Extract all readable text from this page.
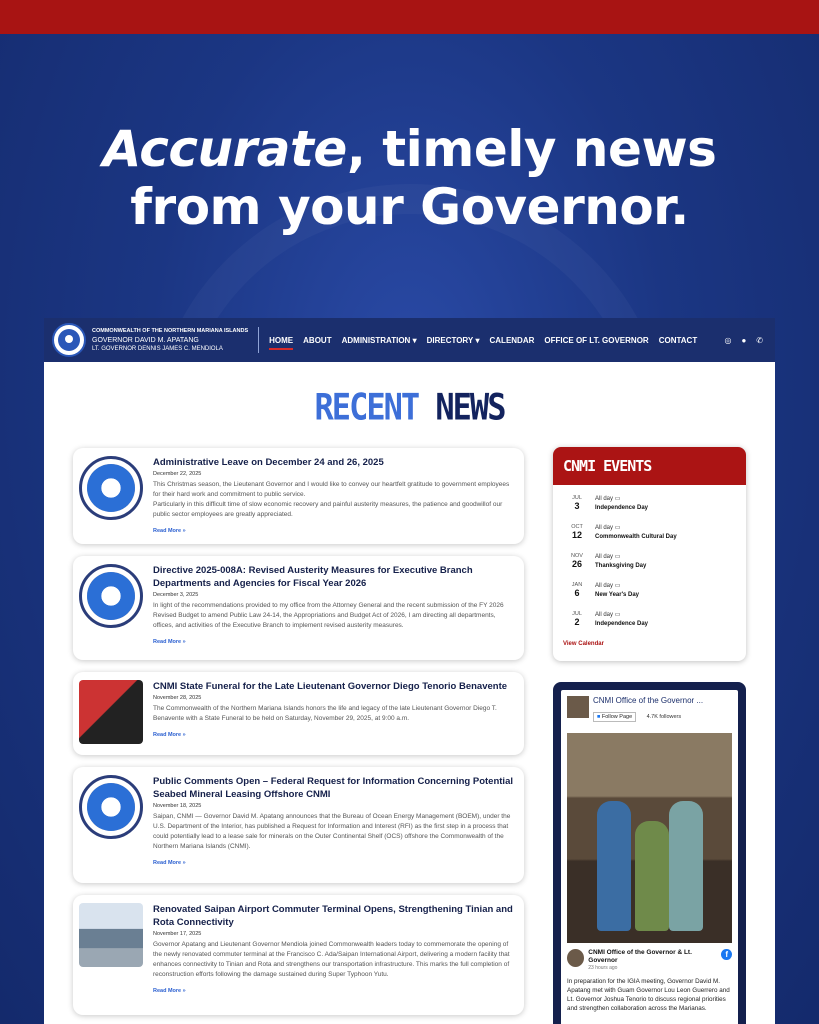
Accurate, timely news
from your Governor.
COMMONWEALTH OF THE NORTHERN MARIANA ISLANDS
GOVERNOR DAVID M. APATANG
LT. GOVERNOR DENNIS JAMES C. MENDIOLA
HOME ABOUT ADMINISTRATION
▾ DIRECTORY
▾ CALENDAR OFFICE OF LT. GOVERNOR CONTACT	◎ ● ✆
RECENT NEWS
Administrative Leave on December 24 and 26, 2025
December 22, 2025
This Christmas season, the Lieutenant Governor and I would like to convey our heartfelt gratitude to government employees for their hard work and commitment to public service.
Particularly in this difficult time of slow economic recovery and painful austerity measures, the patience and goodwillof our public sector employees are greatly appreciated.
Read More »
Directive 2025-008A: Revised Austerity Measures for Executive Branch Departments and Agencies for Fiscal Year 2026
December 3, 2025
In light of the recommendations provided to my office from the Attorney General and the recent submission of the FY 2026 Revised Budget to amend Public Law 24-14, the Appropriations and Budget Act of 2026, I am directing all departments, offices, and activities of the Executive Branch to implement revised austerity measures.
Read More »
CNMI State Funeral for the Late Lieutenant Governor Diego Tenorio Benavente
November 28, 2025
The Commonwealth of the Northern Mariana Islands honors the life and legacy of the late Lieutenant Governor Diego T. Benavente with a State Funeral to be held on Saturday, November 29, 2025, at 9:00 a.m.
Read More »
Public Comments Open – Federal Request for Information Concerning Potential Seabed Mineral Leasing Offshore CNMI
November 18, 2025
Saipan, CNMI — Governor David M. Apatang announces that the Bureau of Ocean Energy Management (BOEM), under the U.S. Department of the Interior, has published a Request for Information and Interest (RFI) as the first step in a process that could potentially lead to a lease sale for minerals on the Outer Continental Shelf (OCS) offshore the Commonwealth of the Northern Mariana Islands (CNMI).
Read More »
Renovated Saipan Airport Commuter Terminal Opens, Strengthening Tinian and Rota Connectivity
November 17, 2025
Governor Apatang and Lieutenant Governor Mendiola joined Commonwealth leaders today to commemorate the opening of the newly renovated commuter terminal at the Francisco C. Ada/Saipan International Airport, delivering a modern facility that enhances connectivity to Tinian and Rota and strengthens our transportation infrastructure. This marks the full completion of reconstruction efforts following the damage sustained during Super Typhoon Yutu.
Read More »
CNMI EVENTS
JUL
3
All day ▭
Independence Day
OCT
12
All day ▭
Commonwealth Cultural Day
NOV
26
All day ▭
Thanksgiving Day
JAN
6
All day ▭
New Year's Day
JUL
2
All day ▭
Independence Day
View Calendar
CNMI Office of the Governor ...
■ Follow Page	4.7K followers
CNMI Office of the Governor & Lt. Governor
23 hours ago
f
In preparation for the IGIA meeting, Governor David M. Apatang met with Guam Governor Lou Leon Guerrero and Lt. Governor Joshua Tenorio to discuss regional priorities and strengthen collaboration across the Marianas.
